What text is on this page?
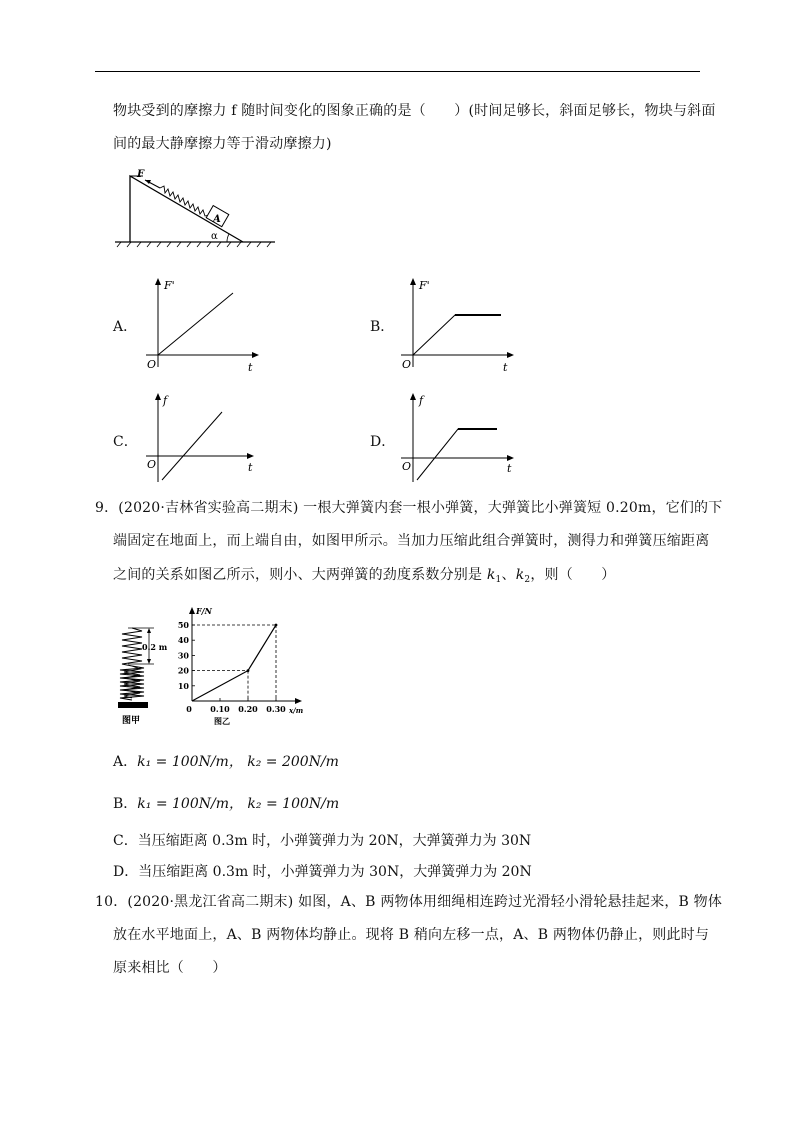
物块受到的摩擦力 f 随时间变化的图象正确的是（　　）(时间足够长，斜面足够长，物块与斜面
间的最大静摩擦力等于滑动摩擦力)
F
A
α
A．
O
F'
t
B．
O
F'
t
C．
O
f
t
D．
O
f
t
9．(2020·吉林省实验高二期末) 一根大弹簧内套一根小弹簧，大弹簧比小弹簧短 0.20m，它们的下
端固定在地面上，而上端自由，如图甲所示。当加力压缩此组合弹簧时，测得力和弹簧压缩距离
之间的关系如图乙所示，则小、大两弹簧的劲度系数分别是 $k_1$、$k_2$，则（　　）
0.2 m
图甲
F/N
x/m
图乙
10
20
30
40
50
0 0.10 0.20 0.30
A．k₁ = 100N/m， k₂ = 200N/m
B．k₁ = 100N/m， k₂ = 100N/m
C．当压缩距离 0.3m 时，小弹簧弹力为 20N，大弹簧弹力为 30N
D．当压缩距离 0.3m 时，小弹簧弹力为 30N，大弹簧弹力为 20N
10．(2020·黑龙江省高二期末) 如图，A、B 两物体用细绳相连跨过光滑轻小滑轮悬挂起来，B 物体
放在水平地面上，A、B 两物体均静止。现将 B 稍向左移一点，A、B 两物体仍静止，则此时与
原来相比（　　）
